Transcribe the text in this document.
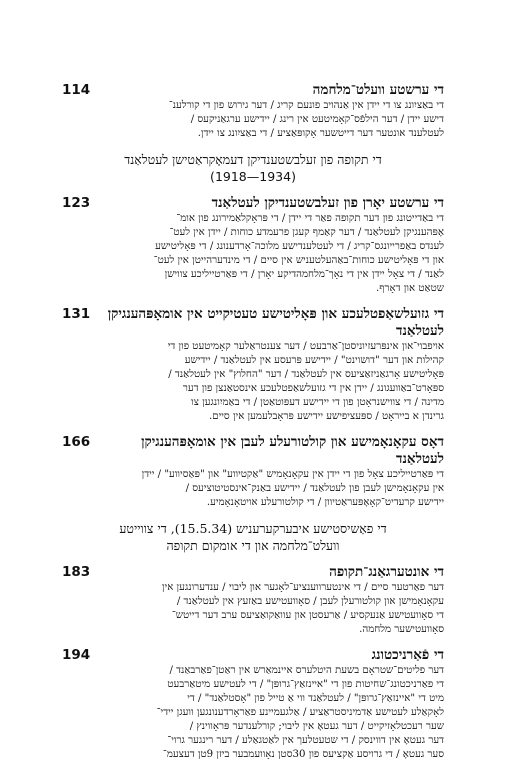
די ערשטע וועלט־מלחמה
114
די באַציִונג צו די יידן אין אַנהויב פונעם קריג / דער גירוש פון די קורלענ־
דישע יידן / דער הילפֿס־קאָמיטעט אין רינג / יידישע ערגאַניקעס /
לעטלענד אונטער דער דייטשער אָקופּאַציע / די באַציִונג צו יידן.
די תקופה פון זעלבשטענדיקן דעמאָקראַטישן לעטלאַנד
(1934—1918)
די ערשטע יאָרן פון זעלבשטענדיקן לעטלאַנד
123
די באַדייטונג פון דער תקופה פאַר די יידן / די פּראָקלאַמירונג פון אומ־
אָפּהענגיקן לעטלאַנד / דער קאַמף קעגן פרעמדע כוחות / יידן אין לעט־
לענדס באַפרייונגס־קריג / די לעטלענדישע מלוכה־אָרדענונג / די פּאָליטישע
און די פּאָליטישע כוחות־באַהעלטעניש אין סיים / די מינדערהייטן אין לעט־
לאַנד / די צאָל יידן אין די נאָך־מלחמהדיקע יאָרן / די פּאַרטייליכע צווישן
שטאַט און דאָרף.
די גזועלשאַפטלעכע און פּאָליטישע טעטיקייט אין אומאָפּהענגיקן לעטלאַנד
131
אויפבוי־און אינפּרעזיוניסטן־אַרבעט / דער צענטראַלער קאָמיטעט פון די
קהילות און דער "דושוינט" / יידישע פּרעסע אין לעטלאַנד / יידישע
פּאָליטישע אָרגאַניזאַציעס אין לעטלאַנד / דער "החלוץ" אין לעטלאַנד /
ספּאָרט־באַוועגונג / יידן אין די גזועלשאַפטלעכע אינסטאַנצן פון דער
מדינה / די צווישנראָטן פון די יידישע דעפּוטאַטן / די באַמיִונגען צו
גרינדן א בייראָט / ספּעציפישע יידישע פּראָבלעמען אין סיים.
דאָס עקאָנאָמישע און קולטורעלע לעבן אין אומאָפּהענגיקן לעטלאַנד
166
די פּאַרטייליכע צאָל פון די יידן אין עקאָנאָמיש "אַקטיווע" און "פּאַסיווע" / יידן
אין עקאָנאָמישן לעבן פון לעטלאַנד / יידישע באַנק־אינסטיטוציעס /
יידישע קרעדיט־קאָאָפּעראַטיוון / די קולטורעלע אויטאָנאָמיע.
די פאַשיסטישע איבערקערעניש (15.5.34), די צווייטע
וועלט־מלחמה און די אומקום תקופה
די אונטערגאַנג־תקופה
183
דער פאַרטער סיים / די אינטערווענציע־לאָגער און ליבוי / ענדערונגען אין
עקאָנאָמישן און קולטורעלן לעבן / סאָוועטישע באַזעץ אין לעטלאַנד /
די סאָוועטישע אַנעקסיע / אַרעסטן און עוואַקואַציעס ערב דער דייטש־
סאָוועטישער מלחמה.
די פֿאַרניכטונג
194
דער פליטים־שטראָם בשעת היטלערס איינמאַרש אין ראַטן־פאַרבאַנד /
די פאַרניכטונג־שחיטות פון די "איינזאַץ־גרופּן" / די לעטישע מיטאַרבעט
מיט די "איינזאַץ־גרופּן" / לעטלאַנד ווי אַ טייל פון "אָסטלאַנד" / די
לאָקאַלע לעטישע אַדמיניסטראַציע / אַלגעמיינע פאַראָרדענונגען וועגן יידי־
שער רעכטלאָזיקייט / דער געטאָ אין ליבוי; קורלענדער פּראָווינץ /
דער געטאָ אין דווינסק / די שטעטלעך אין לאַטגאַלע / דער רינגער גרוי־
סער געטאָ / די גרויסע אַקציעס פון 30סטן נאָוועמבער ביזן 9טן דעצעמ־
